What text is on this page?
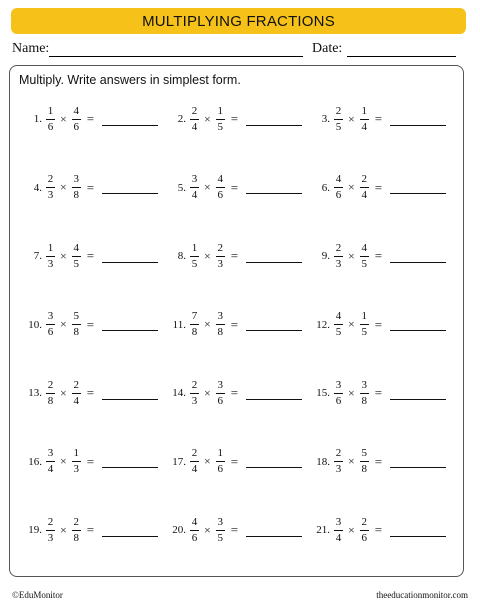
MULTIPLYING FRACTIONS
Name:	Date:
Multiply. Write answers in simplest form.
1. $\frac{1}{6} \times \frac{4}{6}$ =	2. $\frac{2}{4} \times \frac{1}{5}$ =	3. $\frac{2}{5} \times \frac{1}{4}$ =
4. $\frac{2}{3} \times \frac{3}{8}$ =	5. $\frac{3}{4} \times \frac{4}{6}$ =	6. $\frac{4}{6} \times \frac{2}{4}$ =
7. $\frac{1}{3} \times \frac{4}{5}$ =	8. $\frac{1}{5} \times \frac{2}{3}$ =	9. $\frac{2}{3} \times \frac{4}{5}$ =
10. $\frac{3}{6} \times \frac{5}{8}$ =	11. $\frac{7}{8} \times \frac{3}{8}$ =	12. $\frac{4}{5} \times \frac{1}{5}$ =
13. $\frac{2}{8} \times \frac{2}{4}$ =	14. $\frac{2}{3} \times \frac{3}{6}$ =	15. $\frac{3}{6} \times \frac{3}{8}$ =
16. $\frac{3}{4} \times \frac{1}{3}$ =	17. $\frac{2}{4} \times \frac{1}{6}$ =	18. $\frac{2}{3} \times \frac{5}{8}$ =
19. $\frac{2}{3} \times \frac{2}{8}$ =	20. $\frac{4}{6} \times \frac{3}{5}$ =	21. $\frac{3}{4} \times \frac{2}{6}$ =
©EduMonitor	theeducationmonitor.com
